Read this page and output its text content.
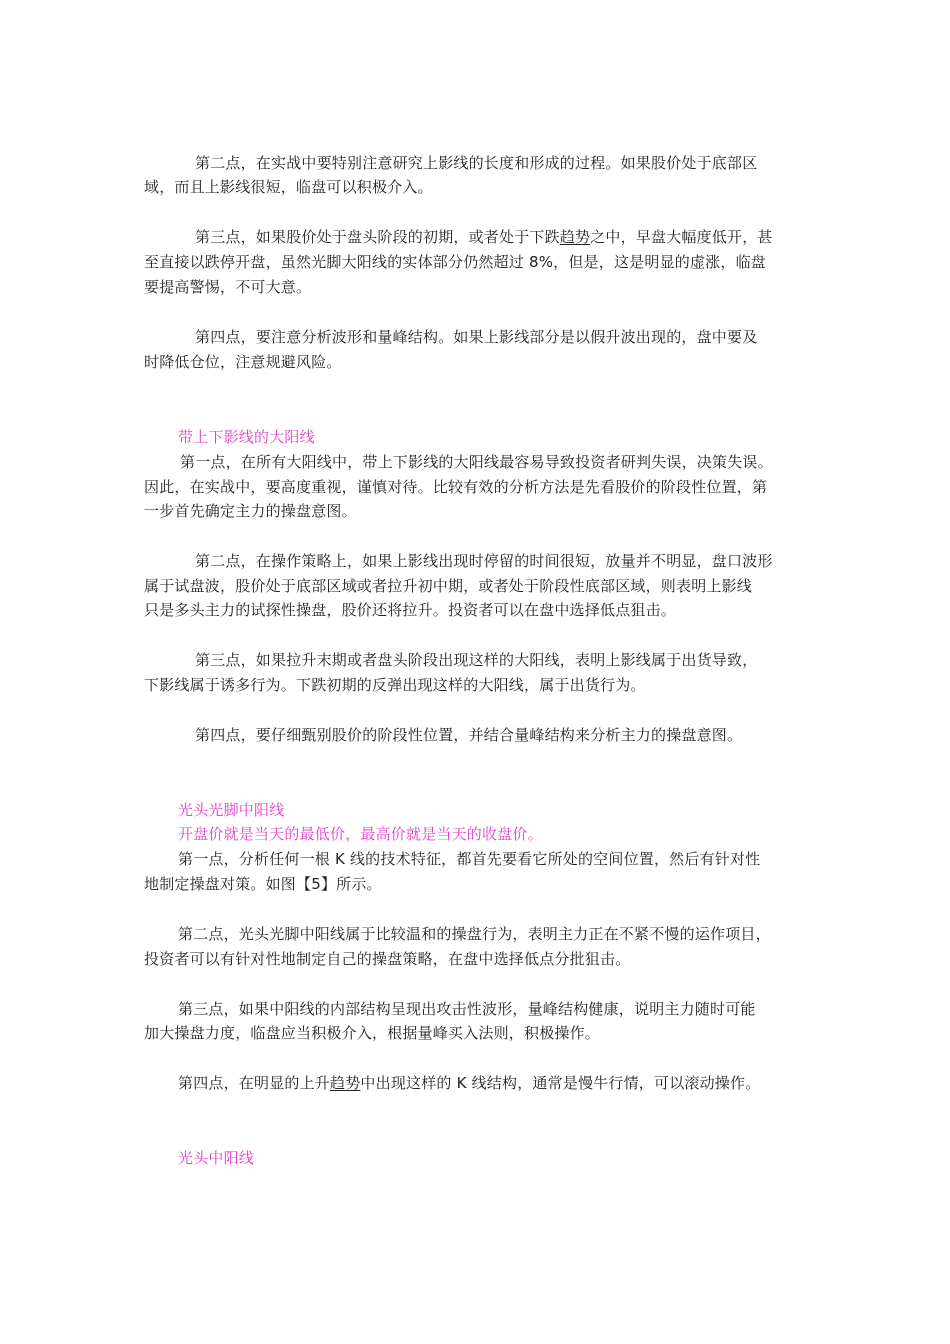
第二点，在实战中要特别注意研究上影线的长度和形成的过程。如果股价处于底部区
域，而且上影线很短，临盘可以积极介入。
第三点，如果股价处于盘头阶段的初期，或者处于下跌趋势之中，早盘大幅度低开，甚
至直接以跌停开盘，虽然光脚大阳线的实体部分仍然超过 8%，但是，这是明显的虚涨，临盘
要提高警惕，不可大意。
第四点，要注意分析波形和量峰结构。如果上影线部分是以假升波出现的，盘中要及
时降低仓位，注意规避风险。
带上下影线的大阳线
第一点，在所有大阳线中，带上下影线的大阳线最容易导致投资者研判失误，决策失误。
因此，在实战中，要高度重视，谨慎对待。比较有效的分析方法是先看股价的阶段性位置，第
一步首先确定主力的操盘意图。
第二点，在操作策略上，如果上影线出现时停留的时间很短，放量并不明显，盘口波形
属于试盘波，股价处于底部区域或者拉升初中期，或者处于阶段性底部区域，则表明上影线
只是多头主力的试探性操盘，股价还将拉升。投资者可以在盘中选择低点狙击。
第三点，如果拉升末期或者盘头阶段出现这样的大阳线，表明上影线属于出货导致，
下影线属于诱多行为。下跌初期的反弹出现这样的大阳线，属于出货行为。
第四点，要仔细甄别股价的阶段性位置，并结合量峰结构来分析主力的操盘意图。
光头光脚中阳线
开盘价就是当天的最低价，最高价就是当天的收盘价。
第一点，分析任何一根 K 线的技术特征，都首先要看它所处的空间位置，然后有针对性
地制定操盘对策。如图【5】所示。
第二点，光头光脚中阳线属于比较温和的操盘行为，表明主力正在不紧不慢的运作项目，
投资者可以有针对性地制定自己的操盘策略，在盘中选择低点分批狙击。
第三点，如果中阳线的内部结构呈现出攻击性波形，量峰结构健康，说明主力随时可能
加大操盘力度，临盘应当积极介入，根据量峰买入法则，积极操作。
第四点，在明显的上升趋势中出现这样的 K 线结构，通常是慢牛行情，可以滚动操作。
光头中阳线
